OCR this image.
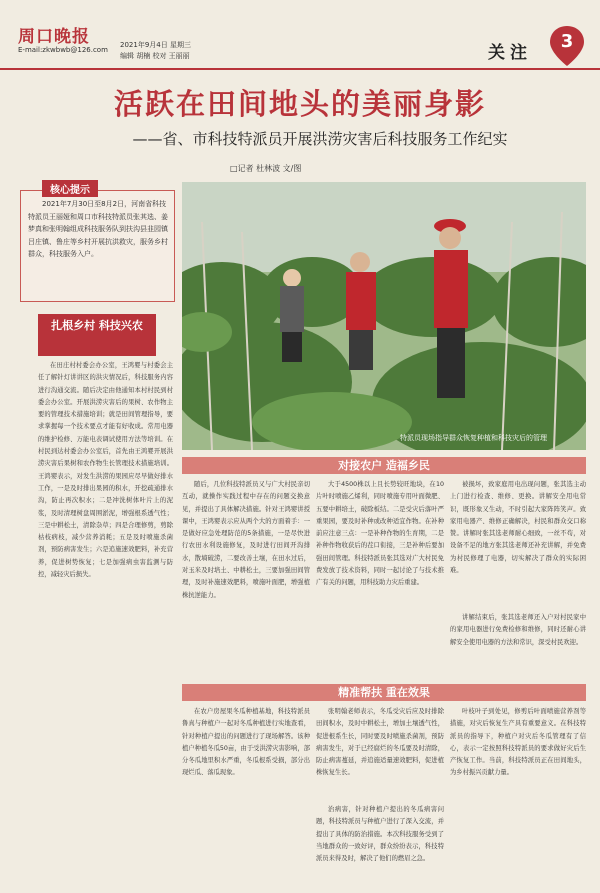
周口晚报
E-mail:zkwbwb@126.com
2021年9月4日 星期三
编辑 胡楠 校对 王丽丽	关注
3
活跃在田间地头的美丽身影
——省、市科技特派员开展洪涝灾害后科技服务工作纪实
□记者 杜林波 文/图
核心提示
2021年7月30日至8月2日，河南省科技特派员王丽娅和周口市科技特派员张其选、姜梦真和张明翰组成科技服务队到扶沟县韭园镇吕庄镇、鲁庄等乡村开展抗洪救灾，服务乡村群众，科技服务入户。
扎根乡村 科技兴农
特派员现场指导群众恢复种植和科技灾后的管理
在田庄村村委会办公室，王鸿婴与村委会主任了解针灯讲讲区的洪灾情况后，科技服务内容进行沟通交流。随后决定由他通知本村村民到村委会办公室。开展洪涝灾害后的果树、农作物主要的管理技术措施培训；就是田间管理指导，要求掌握每一个技术要点才能有好收成。常用电器的维护检修、万能电表调试使用方法等培训。在村民到达村委会办公室后，首先由王鸿婴开展洪涝灾害后果树和农作物生长管理技术措施培训。王鸿婴表示，对发生洪涝的果园应尽早做好排水工作，一是及时排出果园的积水，开挖疏通排水沟，防止再次积水；二是冲洗树体叶片上的泥浆，及时清理树盘周围淤泥，增强根系透气性；三是中耕松土，清除杂草；四是合理修剪，剪除枯枝病枝，减少营养消耗；五是及时喷施杀菌剂，预防病害发生；六是追施速效肥料，补充营养，促进树势恢复；七是加强病虫害监测与防控，减轻灾后损失。
对接农户 造福乡民
随后，几位科技特派员又与广大村民亲切互动，就操作实践过程中存在的问题交换意见，并提出了具体解决措施。针对王鸿婴讲授课中，王鸿婴表示应从两个大的方面着手：一是做好应急处理防范的5条措施，一是尽快进行农田水利设施修复，及时进行田间开沟排水，散墒破涝，二要改善土壤，在田水过后，对玉米及时培土、中耕松土，三要加强田间管理，及时补施速效肥料，喷施叶面肥，增强植株抗逆能力。
大于4500株以上且长势较旺地块，在10片叶时喷施乙烯利，同时喷施专用叶面微肥、五要中耕培土，破除板结。二是受灾后落叶严重果园，要及时补种或改种适宜作物。在补种前应注意三点：一是补种作物的生育期，二是补种作物收获后的茬口衔接，三是补种后要加强田间管理。科技特派员张其选对广大村民免费发放了技术资料，同时一起讨论了与技术推广有关的问题，用科技助力灾后重建。
被损坏，致家庭用电出现问题，张其选主动上门进行检查、维修、更换。讲解安全用电常识，既形象又生动，不时引起大家阵阵笑声。致家用电器产、维修正确解决，村民和群众交口称赞。讲解时张其选老师耐心细致，一丝不苟，对设备不足的地方张其选老师还补充讲解，并免费为村民修理了电器，切实解决了群众的实际困难。
讲解结束后，张其选老师还入户对村民家中的家用电器进行免费检修和维修，同时还耐心讲解安全使用电器的方法和常识，深受村民欢迎。
精准帮扶 重在效果
在农户房屋果冬瓜种植基地，科技特派员鲁真与种植户一起对冬瓜种植进行实地查看，针对种植户提出的问题进行了现场解答。该种植户种植冬瓜50亩，由于受洪涝灾害影响，部分冬瓜地里积水严重，冬瓜根系受损，部分出现烂瓜、落瓜现象。
张明翰老师表示，冬瓜受灾后应及时排除田间积水，及时中耕松土，增加土壤透气性，促进根系生长，同时要及时喷施杀菌剂，预防病害发生，对于已经腐烂的冬瓜要及时清除，防止病害蔓延，并追施适量速效肥料，促进植株恢复生长。
治病害，针对种植户提出的冬瓜病害问题，科技特派员与种植户进行了深入交流，并提出了具体的防治措施。本次科技服务受到了当地群众的一致好评，群众纷纷表示，科技特派员来得及时，解决了他们的燃眉之急。
叶枝叶子到处见，修剪后叶面喷施营养剂等措施，对灾后恢复生产具有重要意义。在科技特派员的指导下，种植户对灾后冬瓜管理有了信心，表示一定按照科技特派员的要求做好灾后生产恢复工作。当前，科技特派员正在田间地头，为乡村振兴贡献力量。
